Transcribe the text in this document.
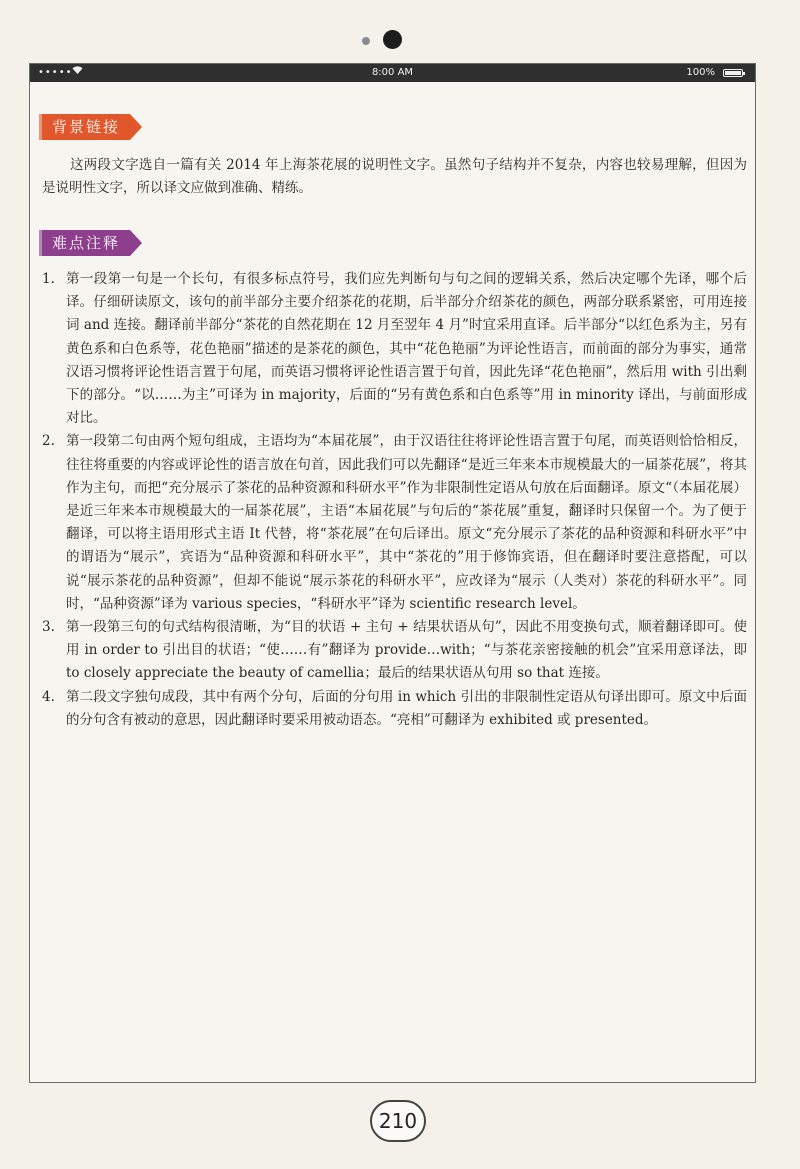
•••••	8:00 AM	100%
背景链接
这两段文字选自一篇有关 2014 年上海茶花展的说明性文字。虽然句子结构并不复杂，内容也较易理解，但因为是说明性文字，所以译文应做到准确、精练。
难点注释
1. 第一段第一句是一个长句，有很多标点符号，我们应先判断句与句之间的逻辑关系，然后决定哪个先译，哪个后译。仔细研读原文，该句的前半部分主要介绍茶花的花期，后半部分介绍茶花的颜色，两部分联系紧密，可用连接词 and 连接。翻译前半部分“茶花的自然花期在 12 月至翌年 4 月”时宜采用直译。后半部分“以红色系为主，另有黄色系和白色系等，花色艳丽”描述的是茶花的颜色，其中“花色艳丽”为评论性语言，而前面的部分为事实，通常汉语习惯将评论性语言置于句尾，而英语习惯将评论性语言置于句首，因此先译“花色艳丽”，然后用 with 引出剩下的部分。“以……为主”可译为 in majority，后面的“另有黄色系和白色系等”用 in minority 译出，与前面形成对比。
2. 第一段第二句由两个短句组成，主语均为“本届花展”，由于汉语往往将评论性语言置于句尾，而英语则恰恰相反，往往将重要的内容或评论性的语言放在句首，因此我们可以先翻译“是近三年来本市规模最大的一届茶花展”，将其作为主句，而把“充分展示了茶花的品种资源和科研水平”作为非限制性定语从句放在后面翻译。原文“（本届花展）是近三年来本市规模最大的一届茶花展”，主语“本届花展”与句后的“茶花展”重复，翻译时只保留一个。为了便于翻译，可以将主语用形式主语 It 代替，将“茶花展”在句后译出。原文“充分展示了茶花的品种资源和科研水平”中的谓语为“展示”，宾语为“品种资源和科研水平”，其中“茶花的”用于修饰宾语，但在翻译时要注意搭配，可以说“展示茶花的品种资源”，但却不能说“展示茶花的科研水平”，应改译为“展示（人类对）茶花的科研水平”。同时，“品种资源”译为 various species，“科研水平”译为 scientific research level。
3. 第一段第三句的句式结构很清晰，为“目的状语 + 主句 + 结果状语从句”，因此不用变换句式，顺着翻译即可。使用 in order to 引出目的状语；“使……有”翻译为 provide…with；“与茶花亲密接触的机会”宜采用意译法，即 to closely appreciate the beauty of camellia；最后的结果状语从句用 so that 连接。
4. 第二段文字独句成段，其中有两个分句，后面的分句用 in which 引出的非限制性定语从句译出即可。原文中后面的分句含有被动的意思，因此翻译时要采用被动语态。“亮相”可翻译为 exhibited 或 presented。
210
